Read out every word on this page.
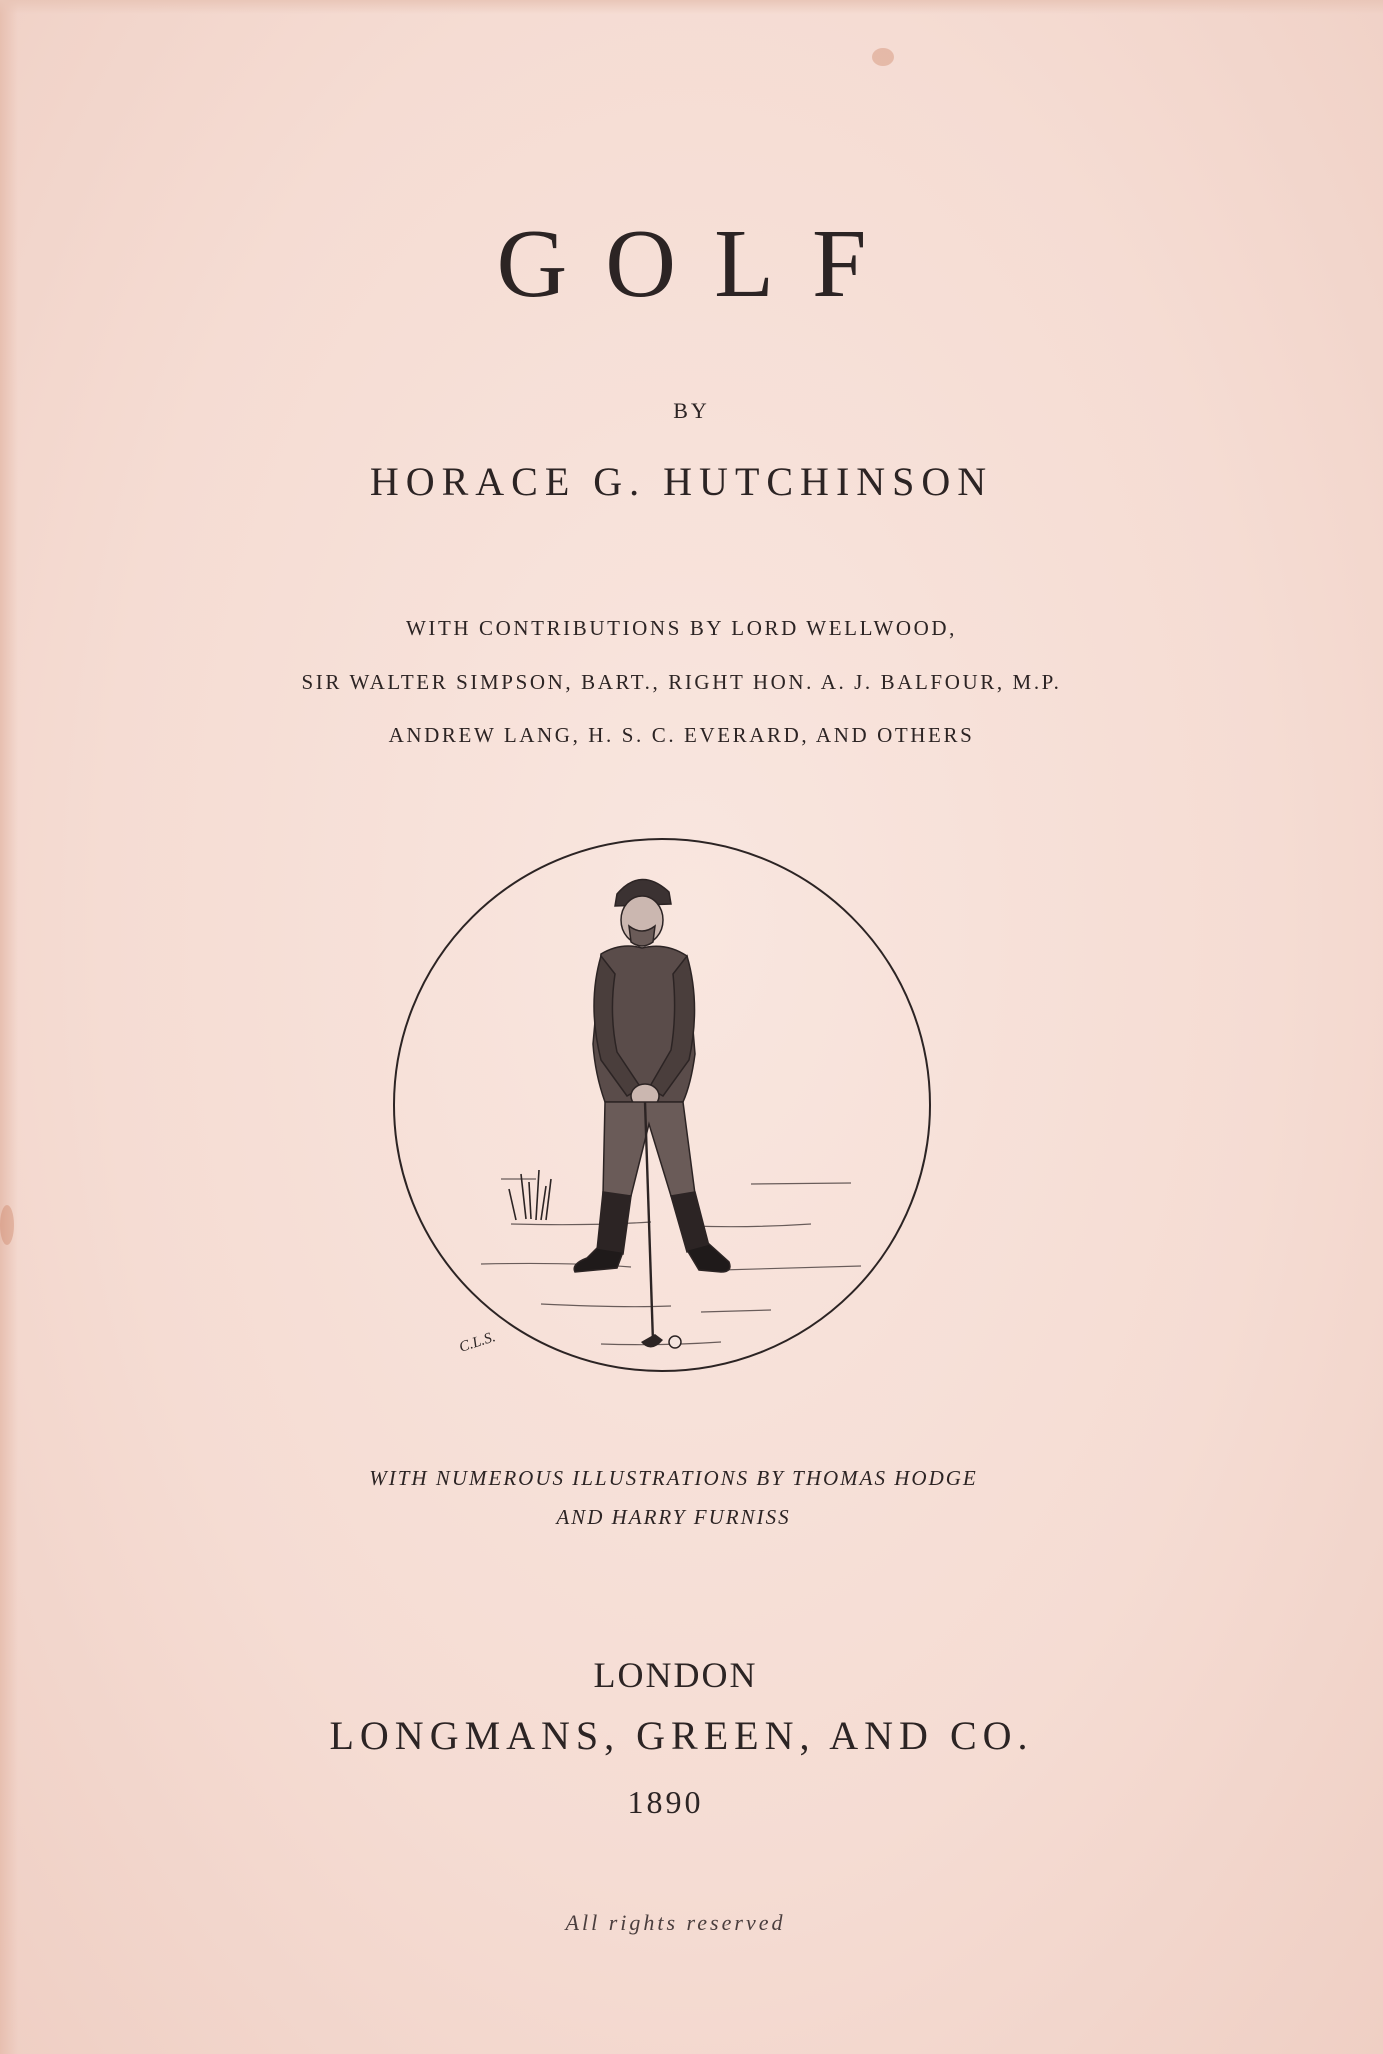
GOLF
BY
HORACE G. HUTCHINSON
WITH CONTRIBUTIONS BY LORD WELLWOOD,
SIR WALTER SIMPSON, BART., RIGHT HON. A. J. BALFOUR, M.P.
ANDREW LANG, H. S. C. EVERARD, AND OTHERS
C.L.S.
WITH NUMEROUS ILLUSTRATIONS BY THOMAS HODGE
AND HARRY FURNISS
LONDON
LONGMANS, GREEN, AND CO.
1890
All rights reserved
